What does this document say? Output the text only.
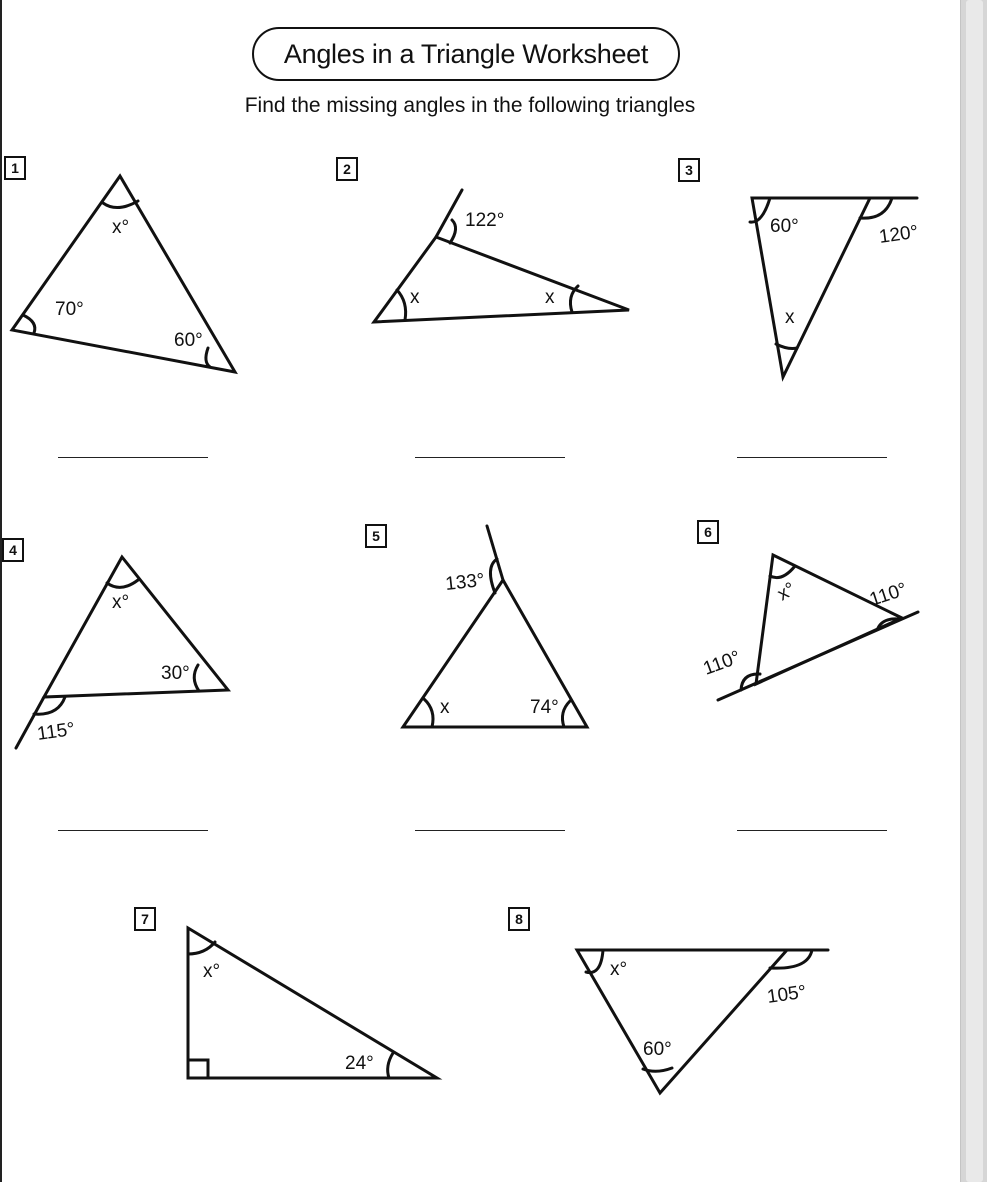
Angles in a Triangle Worksheet
Find the missing angles in the following triangles
1	2	3
4
5	6
7	8
x°
70°
60°
122°
x	x
60°	120°
x
x°
30°
115°
133°
x	74°
x°	110°
110°
x°
24°
x°
105°
60°
